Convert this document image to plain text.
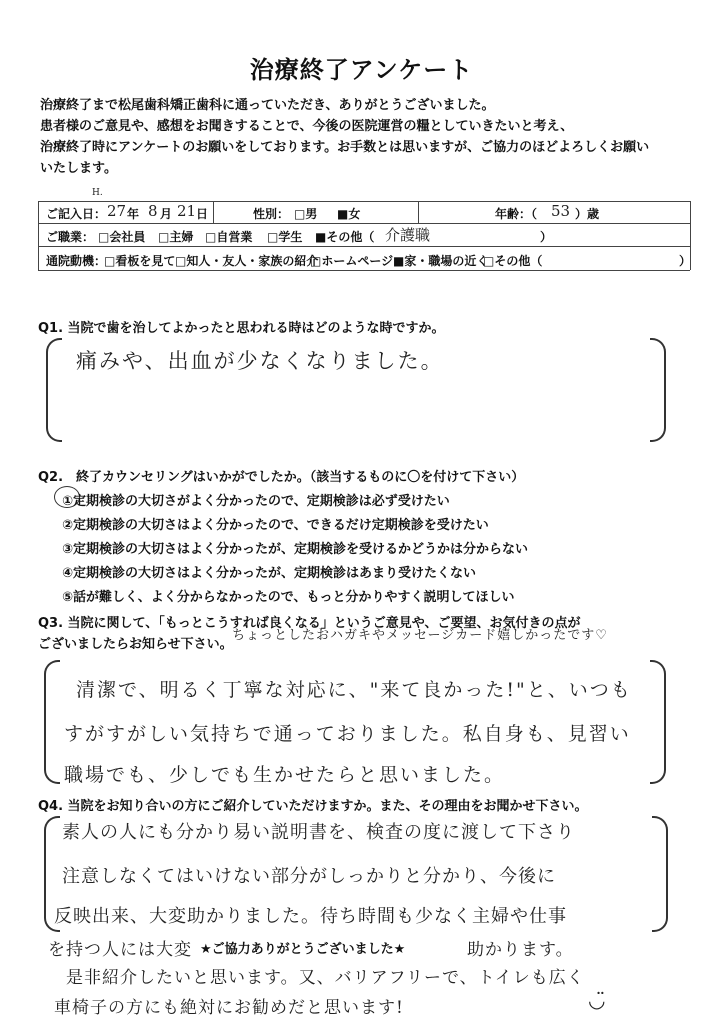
治療終了アンケート
治療終了まで松尾歯科矯正歯科に通っていただき、ありがとうございました。
患者様のご意見や、感想をお聞きすることで、今後の医院運営の糧としていきたいと考え、
治療終了時にアンケートのお願いをしております。お手数とは思いますが、ご協力のほどよろしくお願い
いたします。
H.
ご記入日： 27 年 8 月 21 日	性別： □男 ■女	年齢：（ 53 ）歳
ご職業： □会社員 □主婦 □自営業 □学生 ■その他（ 介護職	）
通院動機：
□看板を見て □知人・友人・家族の紹介
□ホームページ ■家・職場の近く
□その他（	）
Q1. 当院で歯を治してよかったと思われる時はどのような時ですか。
痛みや、出血が少なくなりました。
Q2.　終了カウンセリングはいかがでしたか。（該当するものに〇を付けて下さい）
①定期検診の大切さがよく分かったので、定期検診は必ず受けたい
②定期検診の大切さはよく分かったので、できるだけ定期検診を受けたい
③定期検診の大切さはよく分かったが、定期検診を受けるかどうかは分からない
④定期検診の大切さはよく分かったが、定期検診はあまり受けたくない
⑤話が難しく、よく分からなかったので、もっと分かりやすく説明してほしい
Q3. 当院に関して、「もっとこうすれば良くなる」というご意見や、ご要望、お気付きの点が
ございましたらお知らせ下さい。
ちょっとしたおハガキやメッセージカード嬉しかったです♡
清潔で、明るく丁寧な対応に、"来て良かった!"と、いつも
すがすがしい気持ちで通っておりました。私自身も、見習い
職場でも、少しでも生かせたらと思いました。
Q4. 当院をお知り合いの方にご紹介していただけますか。また、その理由をお聞かせ下さい。
素人の人にも分かり易い説明書を、検査の度に渡して下さり
注意しなくてはいけない部分がしっかりと分かり、今後に
反映出来、大変助かりました。待ち時間も少なく主婦や仕事
を持つ人には大変 ★ご協力ありがとうございました★	助かります。
是非紹介したいと思います。又、バリアフリーで、トイレも広く
車椅子の方にも絶対にお勧めだと思います!	◡̈
